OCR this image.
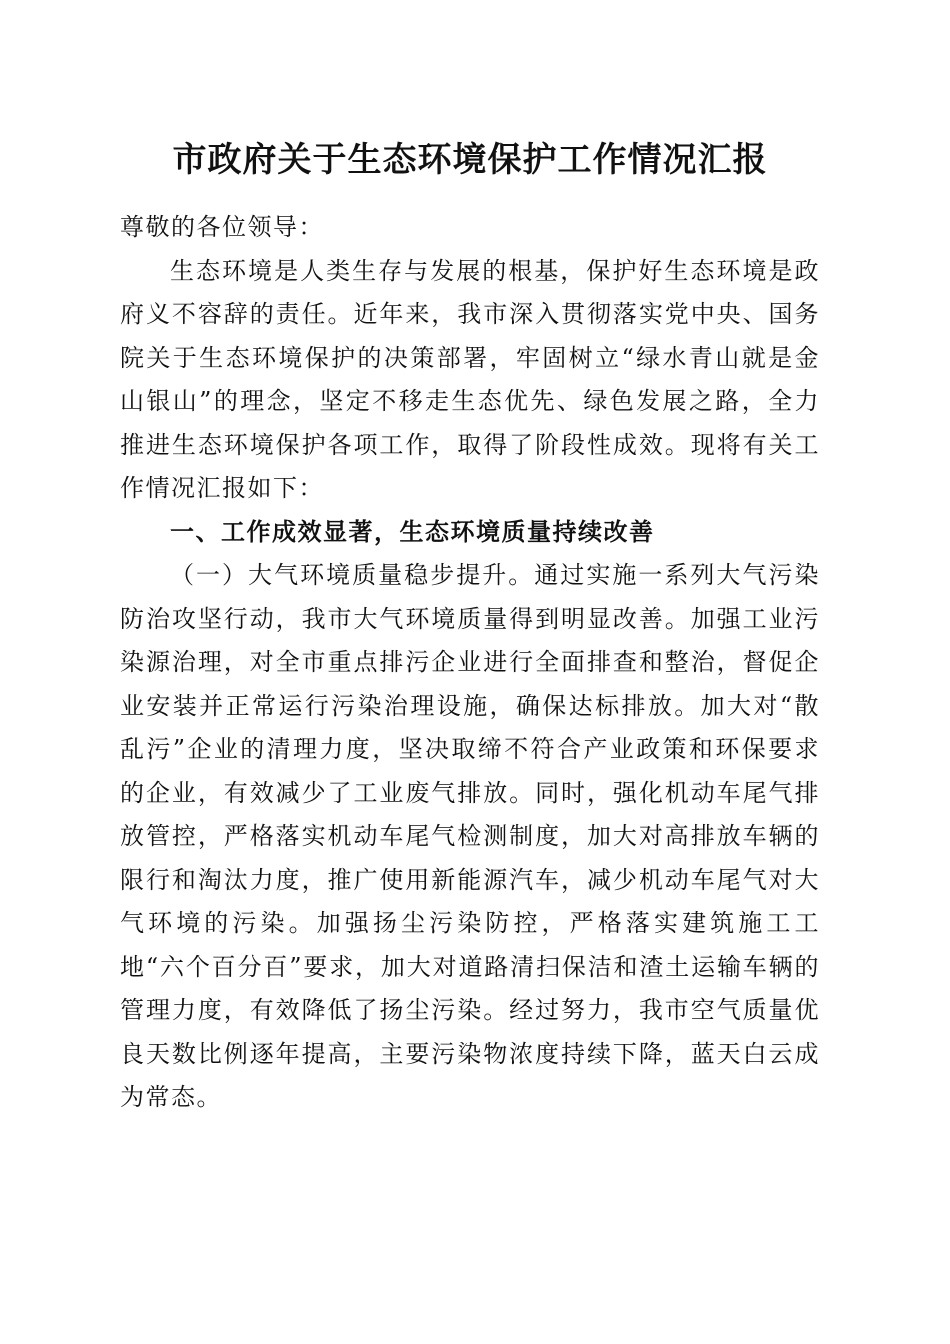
市政府关于生态环境保护工作情况汇报

尊敬的各位领导：

生态环境是人类生存与发展的根基，保护好生态环境是政府义不容辞的责任。近年来，我市深入贯彻落实党中央、国务院关于生态环境保护的决策部署，牢固树立“绿水青山就是金山银山”的理念，坚定不移走生态优先、绿色发展之路，全力推进生态环境保护各项工作，取得了阶段性成效。现将有关工作情况汇报如下：

一、工作成效显著，生态环境质量持续改善

（一）大气环境质量稳步提升。通过实施一系列大气污染防治攻坚行动，我市大气环境质量得到明显改善。加强工业污染源治理，对全市重点排污企业进行全面排查和整治，督促企业安装并正常运行污染治理设施，确保达标排放。加大对“散乱污”企业的清理力度，坚决取缔不符合产业政策和环保要求的企业，有效减少了工业废气排放。同时，强化机动车尾气排放管控，严格落实机动车尾气检测制度，加大对高排放车辆的限行和淘汰力度，推广使用新能源汽车，减少机动车尾气对大气环境的污染。加强扬尘污染防控，严格落实建筑施工工地“六个百分百”要求，加大对道路清扫保洁和渣土运输车辆的管理力度，有效降低了扬尘污染。经过努力，我市空气质量优良天数比例逐年提高，主要污染物浓度持续下降，蓝天白云成为常态。
